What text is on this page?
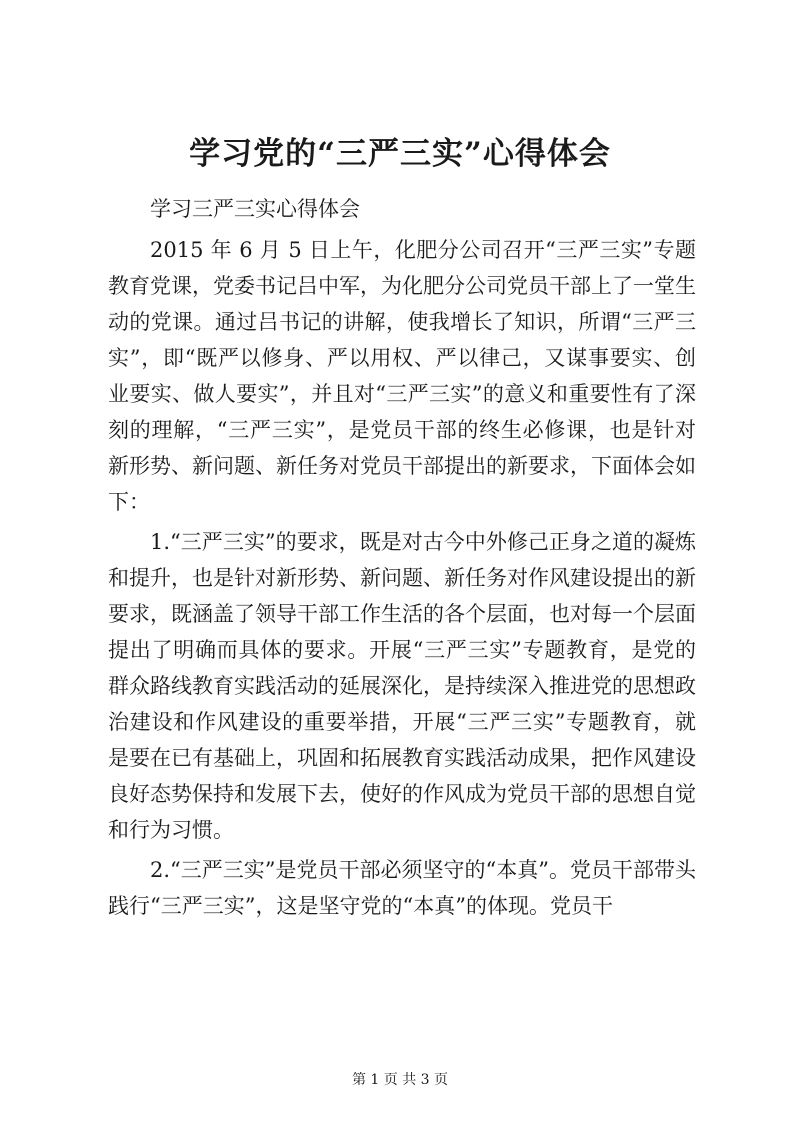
学习党的“三严三实”心得体会

学习三严三实心得体会

2015 年 6 月 5 日上午，化肥分公司召开“三严三实”专题教育党课，党委书记吕中军，为化肥分公司党员干部上了一堂生动的党课。通过吕书记的讲解，使我增长了知识，所谓“三严三实”，即“既严以修身、严以用权、严以律己，又谋事要实、创业要实、做人要实”，并且对“三严三实”的意义和重要性有了深刻的理解，“三严三实”，是党员干部的终生必修课，也是针对新形势、新问题、新任务对党员干部提出的新要求，下面体会如下：

1.“三严三实”的要求，既是对古今中外修己正身之道的凝炼和提升，也是针对新形势、新问题、新任务对作风建设提出的新要求，既涵盖了领导干部工作生活的各个层面，也对每一个层面提出了明确而具体的要求。开展“三严三实”专题教育，是党的群众路线教育实践活动的延展深化，是持续深入推进党的思想政治建设和作风建设的重要举措，开展“三严三实”专题教育，就是要在已有基础上，巩固和拓展教育实践活动成果，把作风建设良好态势保持和发展下去，使好的作风成为党员干部的思想自觉和行为习惯。

2.“三严三实”是党员干部必须坚守的“本真”。党员干部带头践行“三严三实”，这是坚守党的“本真”的体现。党员干

第 1 页 共 3 页
